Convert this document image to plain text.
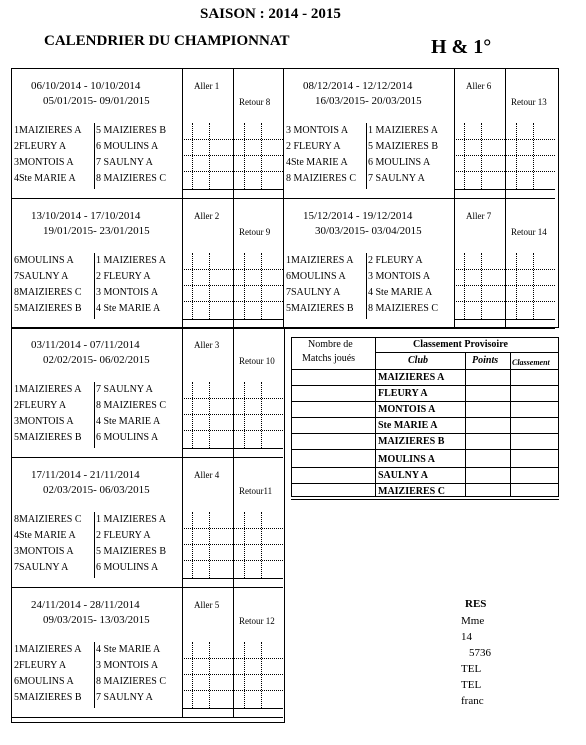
SAISON : 2014 - 2015
CALENDRIER DU CHAMPIONNAT	H & 1°
06/10/2014 - 10/10/2014
05/01/2015- 09/01/2015
Aller 1
Retour 8
1MAIZIERES A 5 MAIZIERES B
2FLEURY A	6 MOULINS A
3MONTOIS A 7 SAULNY A
4Ste MARIE A 8 MAIZIERES C
08/12/2014 - 12/12/2014
16/03/2015- 20/03/2015
Aller 6
Retour 13
3 MONTOIS A 1 MAIZIERES A
2 FLEURY A	5 MAIZIERES B
4Ste MARIE A 6 MOULINS A
8 MAIZIERES C 7 SAULNY A
13/10/2014 - 17/10/2014
19/01/2015- 23/01/2015
Aller 2
Retour 9
6MOULINS A 1 MAIZIERES A
7SAULNY A	2 FLEURY A
8MAIZIERES C 3 MONTOIS A
5MAIZIERES B 4 Ste MARIE A
15/12/2014 - 19/12/2014
30/03/2015- 03/04/2015
Aller 7
Retour 14
1MAIZIERES A 2 FLEURY A
6MOULINS A 3 MONTOIS A
7SAULNY A	4 Ste MARIE A
5MAIZIERES B 8 MAIZIERES C
03/11/2014 - 07/11/2014
02/02/2015- 06/02/2015
Aller 3
Retour 10
1MAIZIERES A 7 SAULNY A
2FLEURY A	8 MAIZIERES C
3MONTOIS A 4 Ste MARIE A
5MAIZIERES B 6 MOULINS A
17/11/2014 - 21/11/2014
02/03/2015- 06/03/2015
Aller 4
Retour11
8MAIZIERES C 1 MAIZIERES A
4Ste MARIE A 2 FLEURY A
3MONTOIS A 5 MAIZIERES B
7SAULNY A	6 MOULINS A
24/11/2014 - 28/11/2014
09/03/2015- 13/03/2015
Aller 5
Retour 12
1MAIZIERES A 4 Ste MARIE A
2FLEURY A	3 MONTOIS A
6MOULINS A 8 MAIZIERES C
5MAIZIERES B 7 SAULNY A
Nombre de
Matchs joués
Classement Provisoire
Club	Points Classement
MAIZIERES A
FLEURY A
MONTOIS A
Ste MARIE A
MAIZIERES B
MOULINS A
SAULNY A
MAIZIERES C
RES
Mme
14
5736
TEL
TEL
franc
